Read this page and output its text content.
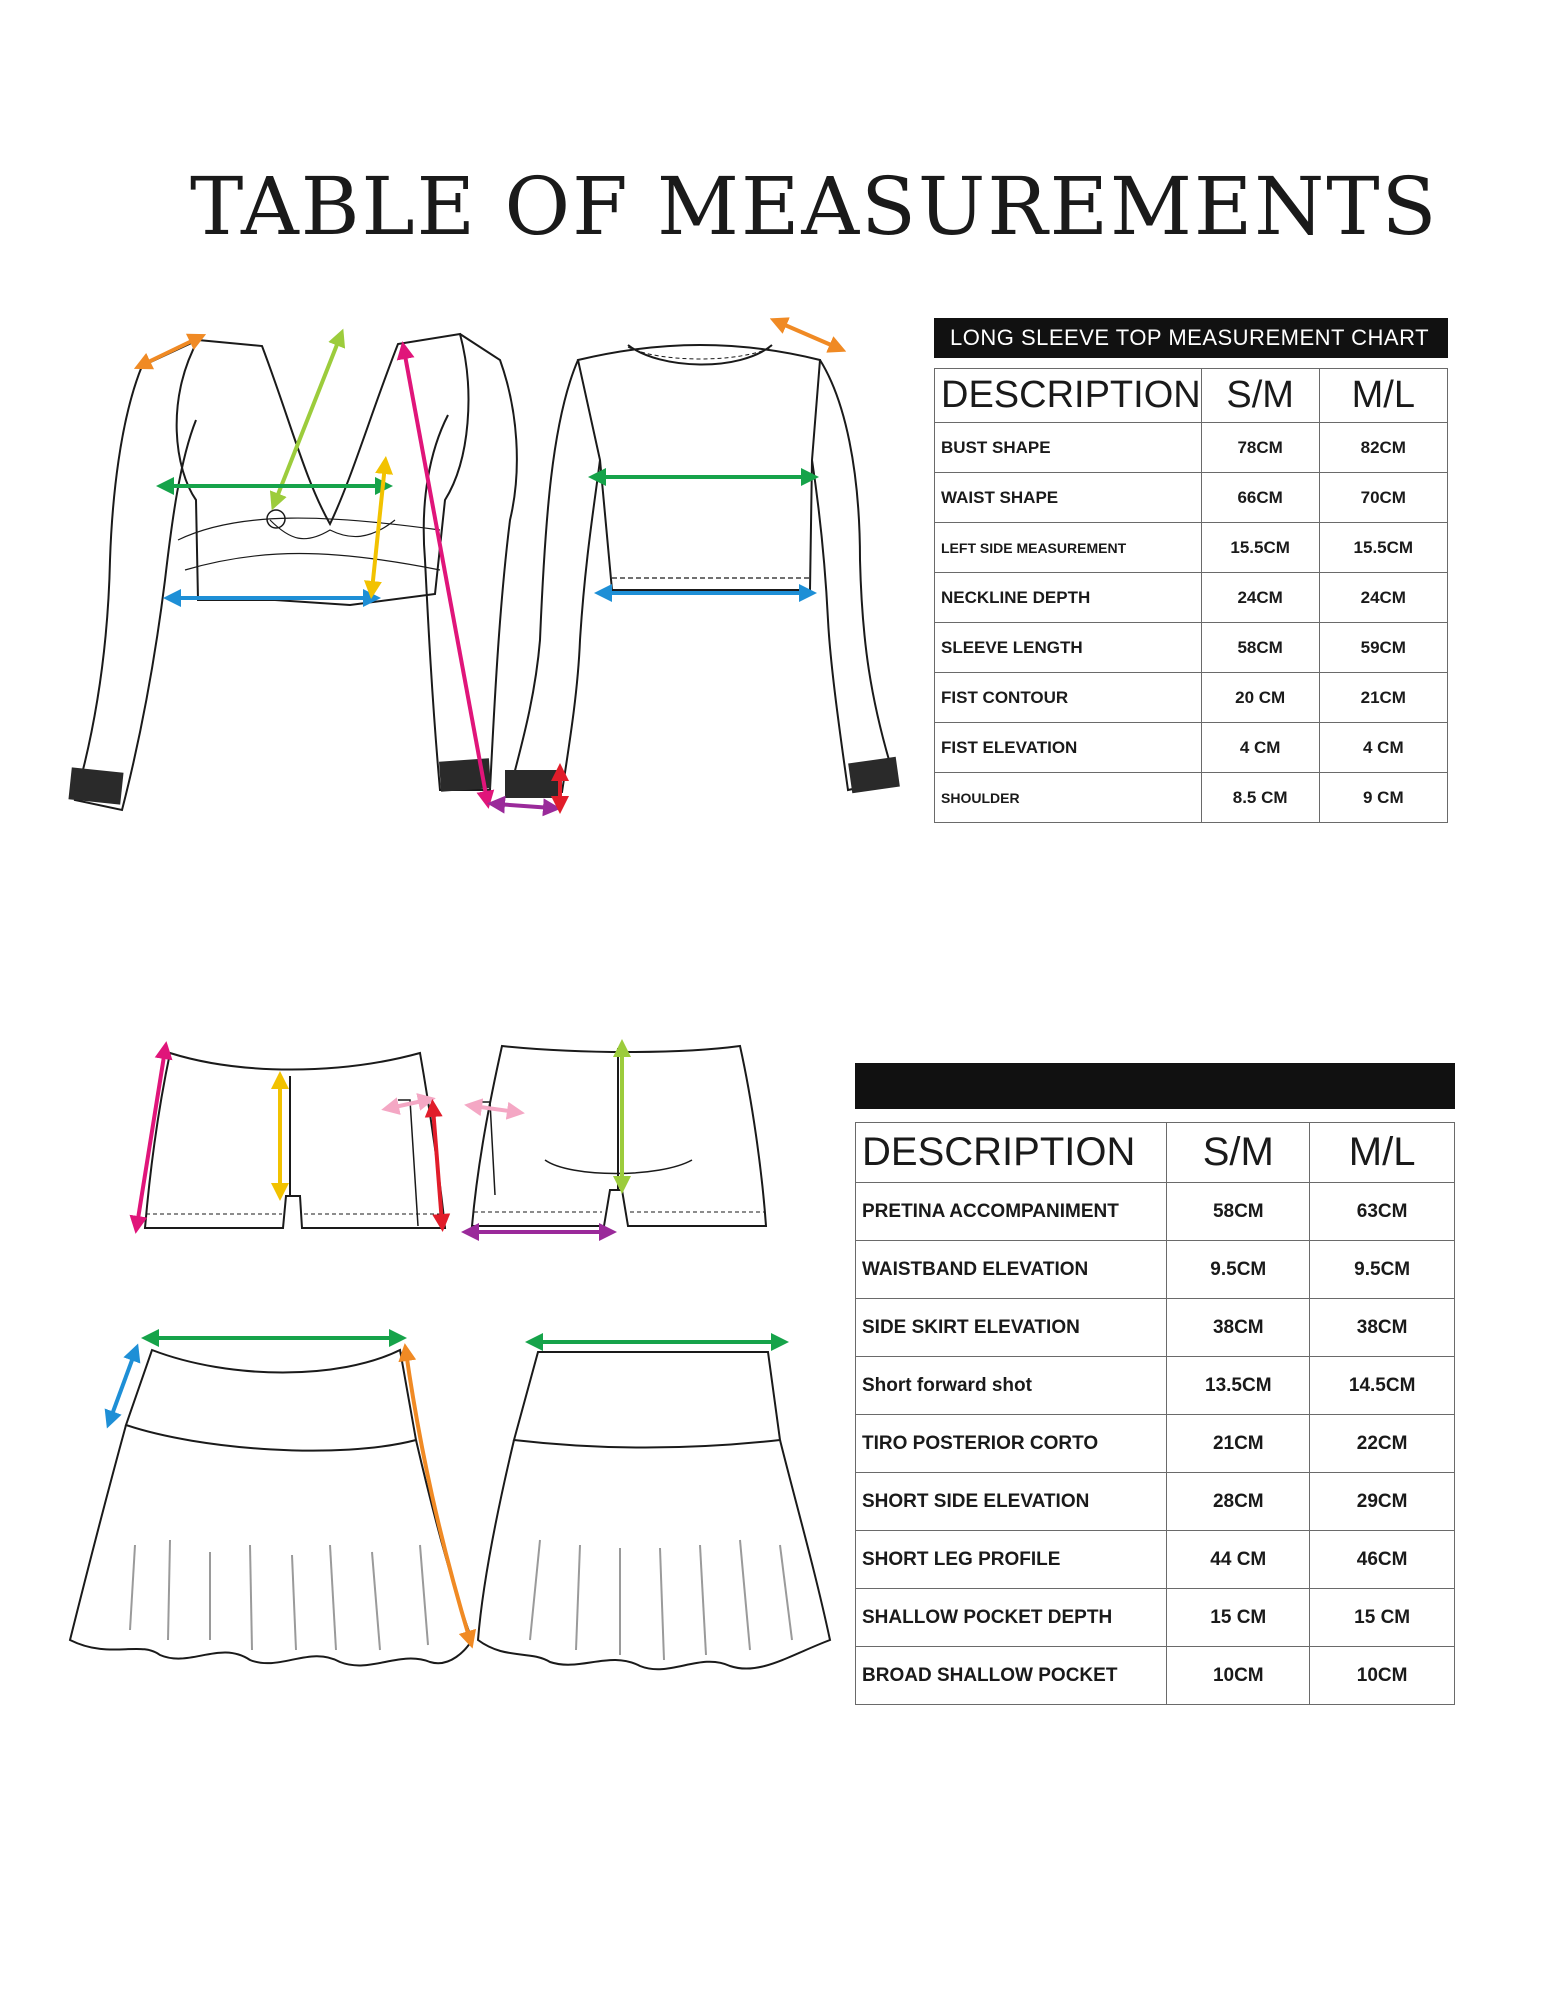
TABLE OF MEASUREMENTS
LONG SLEEVE TOP MEASUREMENT CHART
DESCRIPTION	S/M	M/L
BUST SHAPE	78CM	82CM
WAIST SHAPE	66CM	70CM
LEFT SIDE MEASUREMENT	15.5CM	15.5CM
NECKLINE DEPTH	24CM	24CM
SLEEVE LENGTH	58CM	59CM
FIST CONTOUR	20 CM	21CM
FIST ELEVATION	4 CM	4 CM
SHOULDER	8.5 CM	9 CM
DESCRIPTION	S/M	M/L
PRETINA ACCOMPANIMENT	58CM	63CM
WAISTBAND ELEVATION	9.5CM	9.5CM
SIDE SKIRT ELEVATION	38CM	38CM
Short forward shot	13.5CM	14.5CM
TIRO POSTERIOR CORTO	21CM	22CM
SHORT SIDE ELEVATION	28CM	29CM
SHORT LEG PROFILE	44 CM	46CM
SHALLOW POCKET DEPTH	15 CM	15 CM
BROAD SHALLOW POCKET	10CM	10CM
